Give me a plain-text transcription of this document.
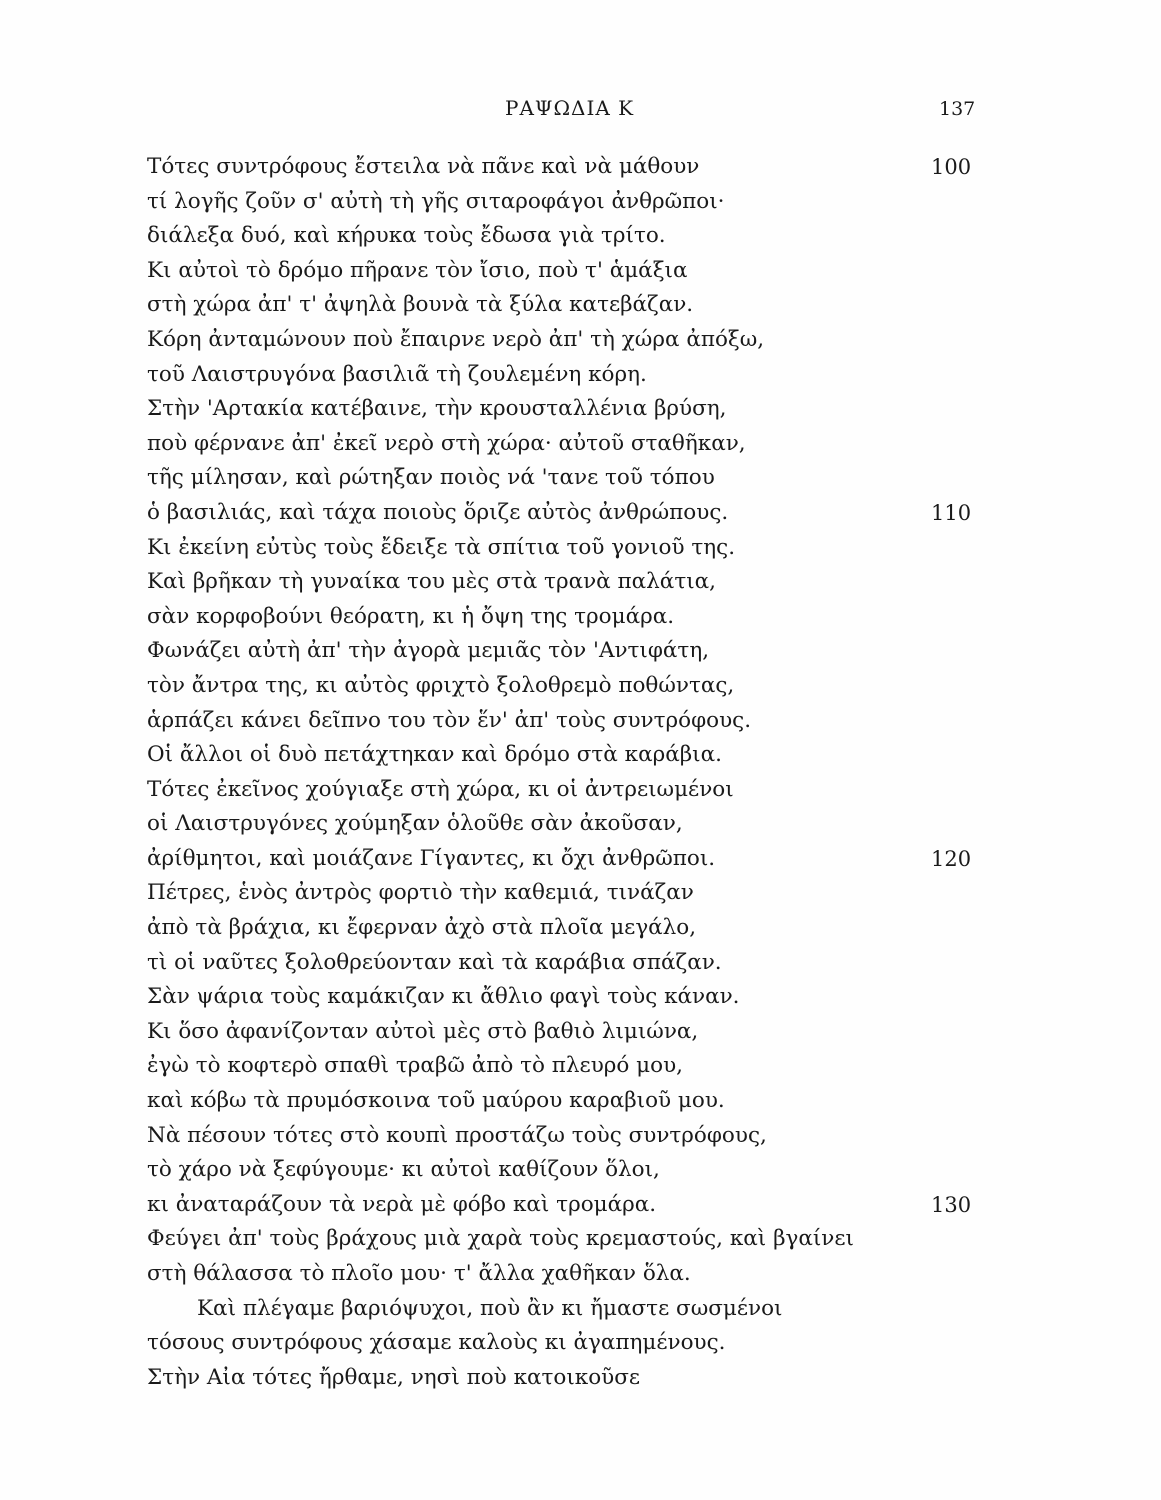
ΡΑΨΩΔΙΑ Κ	137
Τότες συντρόφους ἔστειλα νὰ πᾶνε καὶ νὰ μάθουν	100
τί λογῆς ζοῦν σ' αὐτὴ τὴ γῆς σιταροφάγοι ἀνθρῶποι·
διάλεξα δυό, καὶ κήρυκα τοὺς ἔδωσα γιὰ τρίτο.
Κι αὐτοὶ τὸ δρόμο πῆρανε τὸν ἴσιο, ποὺ τ' ἁμάξια
στὴ χώρα ἀπ' τ' ἀψηλὰ βουνὰ τὰ ξύλα κατεβάζαν.
Κόρη ἀνταμώνουν ποὺ ἔπαιρνε νερὸ ἀπ' τὴ χώρα ἀπόξω,
τοῦ Λαιστρυγόνα βασιλιᾶ τὴ ζουλεμένη κόρη.
Στὴν 'Αρτακία κατέβαινε, τὴν κρουσταλλένια βρύση,
ποὺ φέρνανε ἀπ' ἐκεῖ νερὸ στὴ χώρα· αὐτοῦ σταθῆκαν,
τῆς μίλησαν, καὶ ρώτηξαν ποιὸς νά 'τανε τοῦ τόπου
ὁ βασιλιάς, καὶ τάχα ποιοὺς ὅριζε αὐτὸς ἀνθρώπους.	110
Κι ἐκείνη εὐτὺς τοὺς ἔδειξε τὰ σπίτια τοῦ γονιοῦ της.
Καὶ βρῆκαν τὴ γυναίκα του μὲς στὰ τρανὰ παλάτια,
σὰν κορφοβούνι θεόρατη, κι ἡ ὄψη της τρομάρα.
Φωνάζει αὐτὴ ἀπ' τὴν ἀγορὰ μεμιᾶς τὸν 'Αντιφάτη,
τὸν ἄντρα της, κι αὐτὸς φριχτὸ ξολοθρεμὸ ποθώντας,
ἁρπάζει κάνει δεῖπνο του τὸν ἕν' ἀπ' τοὺς συντρόφους.
Οἱ ἄλλοι οἱ δυὸ πετάχτηκαν καὶ δρόμο στὰ καράβια.
Τότες ἐκεῖνος χούγιαξε στὴ χώρα, κι οἱ ἀντρειωμένοι
οἱ Λαιστρυγόνες χούμηξαν ὁλοῦθε σὰν ἀκοῦσαν,
ἀρίθμητοι, καὶ μοιάζανε Γίγαντες, κι ὄχι ἀνθρῶποι.	120
Πέτρες, ἑνὸς ἀντρὸς φορτιὸ τὴν καθεμιά, τινάζαν
ἀπὸ τὰ βράχια, κι ἔφερναν ἀχὸ στὰ πλοῖα μεγάλο,
τὶ οἱ ναῦτες ξολοθρεύονταν καὶ τὰ καράβια σπάζαν.
Σὰν ψάρια τοὺς καμάκιζαν κι ἄθλιο φαγὶ τοὺς κάναν.
Κι ὅσο ἀφανίζονταν αὐτοὶ μὲς στὸ βαθιὸ λιμιώνα,
ἐγὼ τὸ κοφτερὸ σπαθὶ τραβῶ ἀπὸ τὸ πλευρό μου,
καὶ κόβω τὰ πρυμόσκοινα τοῦ μαύρου καραβιοῦ μου.
Νὰ πέσουν τότες στὸ κουπὶ προστάζω τοὺς συντρόφους,
τὸ χάρο νὰ ξεφύγουμε· κι αὐτοὶ καθίζουν ὅλοι,
κι ἀναταράζουν τὰ νερὰ μὲ φόβο καὶ τρομάρα.	130
Φεύγει ἀπ' τοὺς βράχους μιὰ χαρὰ τοὺς κρεμαστούς, καὶ βγαίνει
στὴ θάλασσα τὸ πλοῖο μου· τ' ἄλλα χαθῆκαν ὅλα.
Καὶ πλέγαμε βαριόψυχοι, ποὺ ἂν κι ἤμαστε σωσμένοι
τόσους συντρόφους χάσαμε καλοὺς κι ἀγαπημένους.
Στὴν Αἰα τότες ἤρθαμε, νησὶ ποὺ κατοικοῦσε
